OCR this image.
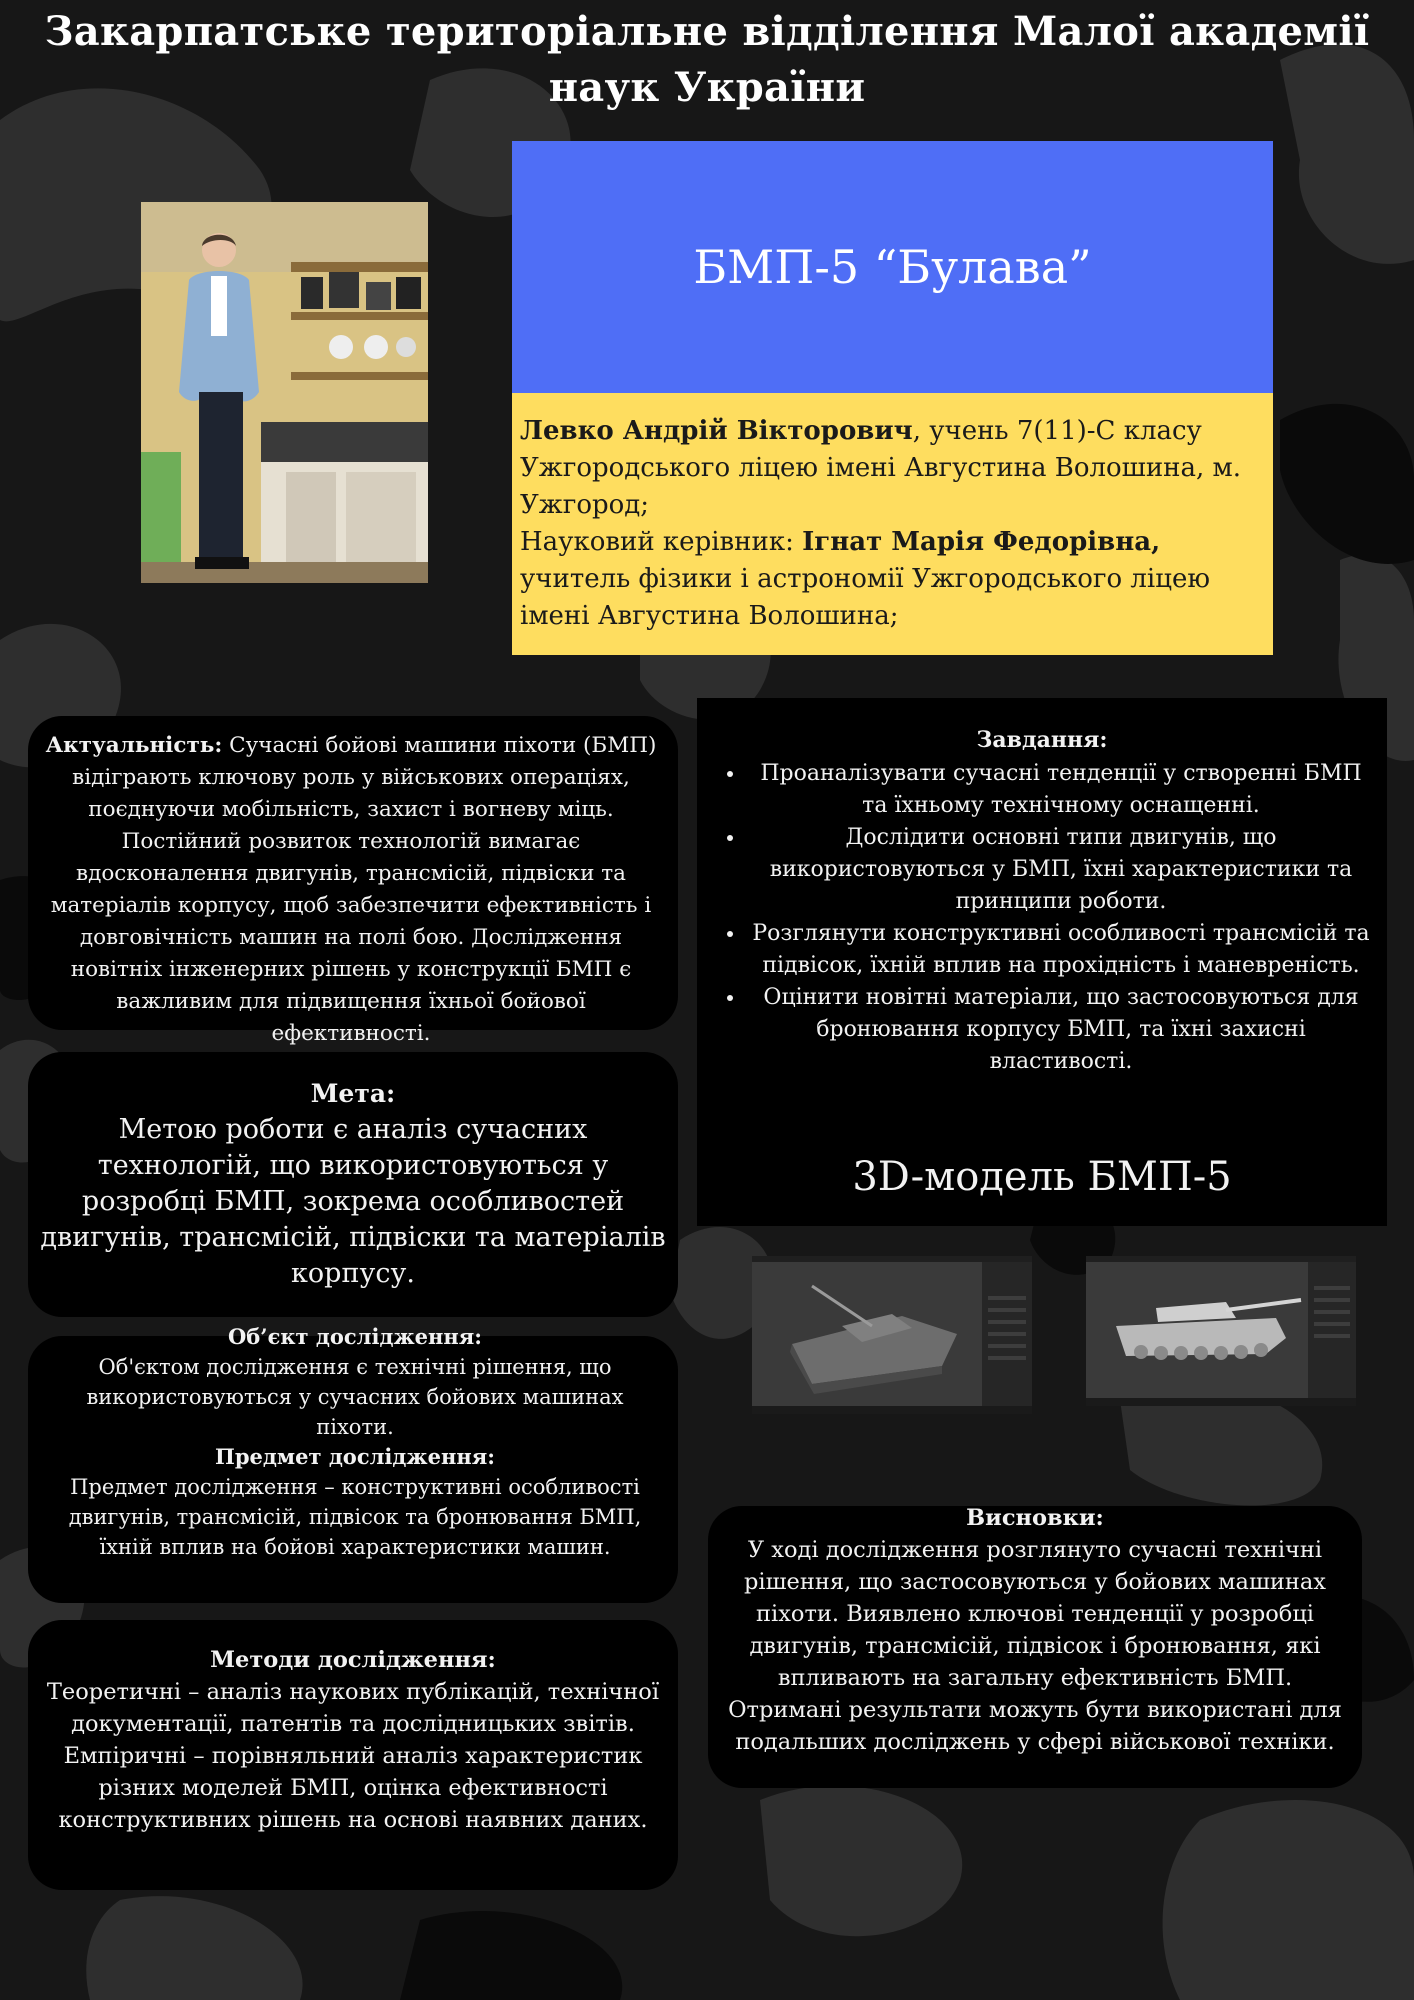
Закарпатське територіальне відділення Малої академії наук України
БМП-5 “Булава”
Левко Андрій Вікторович, учень 7(11)-С класу Ужгородського ліцею імені Августина Волошина, м. Ужгород;
Науковий керівник: Ігнат Марія Федорівна, учитель фізики і астрономії Ужгородського ліцею імені Августина Волошина;
Актуальність: Сучасні бойові машини піхоти (БМП) відіграють ключову роль у військових операціях, поєднуючи мобільність, захист і вогневу міць. Постійний розвиток технологій вимагає вдосконалення двигунів, трансмісій, підвіски та матеріалів корпусу, щоб забезпечити ефективність і довговічність машин на полі бою. Дослідження новітніх інженерних рішень у конструкції БМП є важливим для підвищення їхньої бойової ефективності.
Мета:
Метою роботи є аналіз сучасних технологій, що використовуються у розробці БМП, зокрема особливостей двигунів, трансмісій, підвіски та матеріалів корпусу.
Об’єкт дослідження:
Об'єктом дослідження є технічні рішення, що використовуються у сучасних бойових машинах піхоти.
Предмет дослідження:
Предмет дослідження – конструктивні особливості двигунів, трансмісій, підвісок та бронювання БМП, їхній вплив на бойові характеристики машин.
Методи дослідження:
Теоретичні – аналіз наукових публікацій, технічної документації, патентів та дослідницьких звітів.
Емпіричні – порівняльний аналіз характеристик різних моделей БМП, оцінка ефективності конструктивних рішень на основі наявних даних.
Завдання:
• Проаналізувати сучасні тенденції у створенні БМП та їхньому технічному оснащенні.
• Дослідити основні типи двигунів, що використовуються у БМП, їхні характеристики та принципи роботи.
• Розглянути конструктивні особливості трансмісій та підвісок, їхній вплив на прохідність і маневреність.
• Оцінити новітні матеріали, що застосовуються для бронювання корпусу БМП, та їхні захисні властивості.
3D-модель БМП-5
Висновки:
У ході дослідження розглянуто сучасні технічні рішення, що застосовуються у бойових машинах піхоти. Виявлено ключові тенденції у розробці двигунів, трансмісій, підвісок і бронювання, які впливають на загальну ефективність БМП. Отримані результати можуть бути використані для подальших досліджень у сфері військової техніки.
